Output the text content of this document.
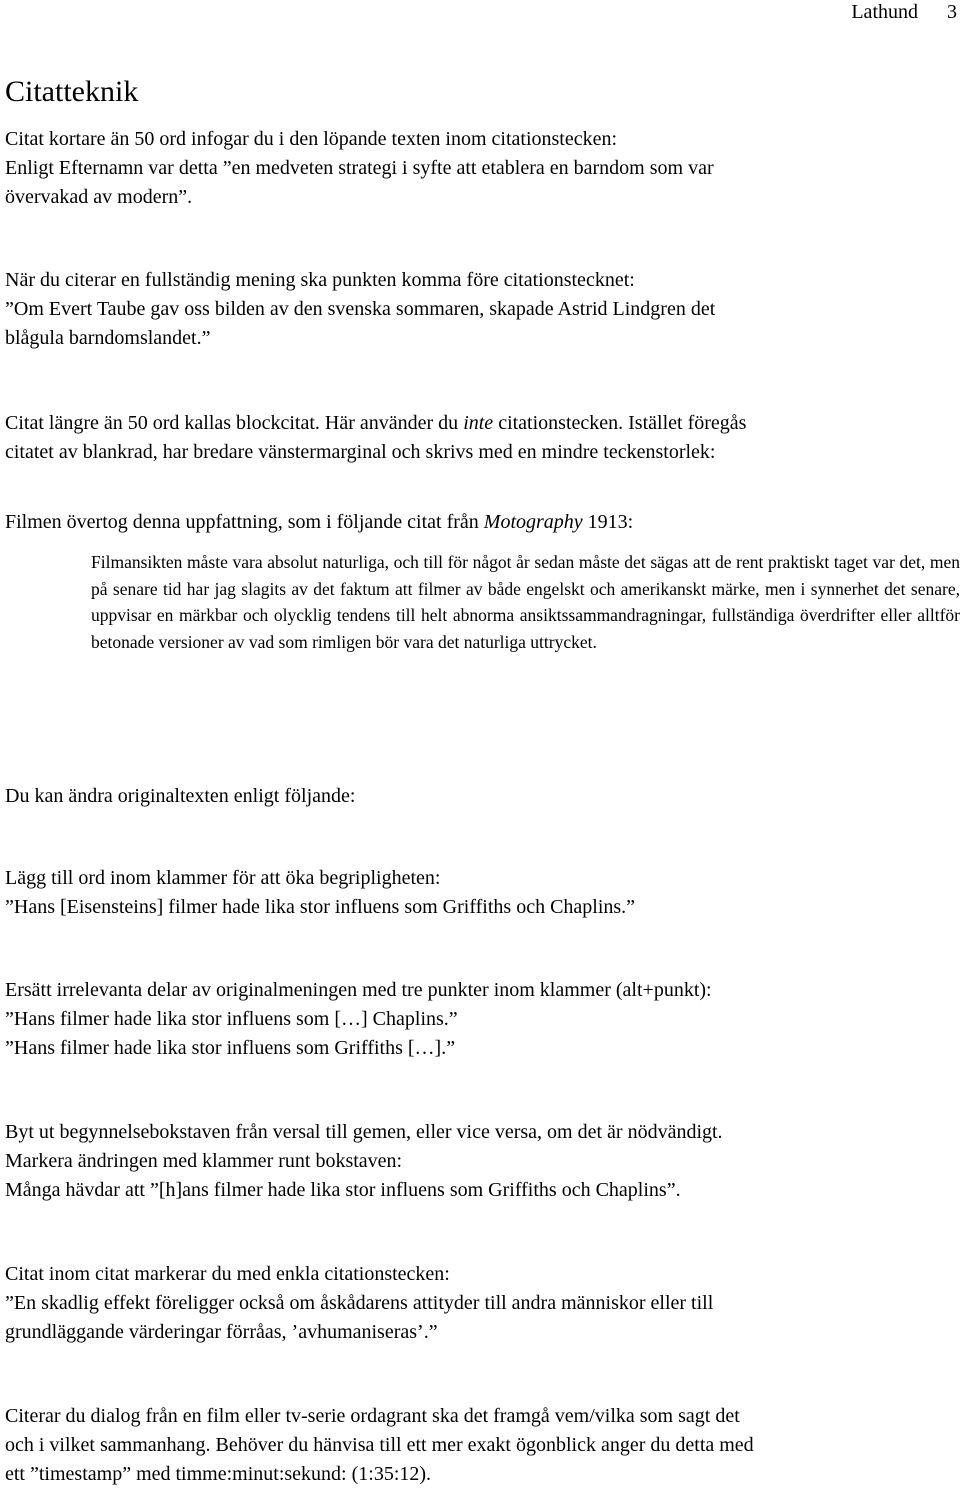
Lathund 3
Citatteknik
Citat kortare än 50 ord infogar du i den löpande texten inom citationstecken:
Enligt Efternamn var detta ”en medveten strategi i syfte att etablera en barndom som var
övervakad av modern”.
När du citerar en fullständig mening ska punkten komma före citationstecknet:
”Om Evert Taube gav oss bilden av den svenska sommaren, skapade Astrid Lindgren det
blågula barndomslandet.”
Citat längre än 50 ord kallas blockcitat. Här använder du inte citationstecken. Istället föregås
citatet av blankrad, har bredare vänstermarginal och skrivs med en mindre teckenstorlek:
Filmen övertog denna uppfattning, som i följande citat från Motography 1913:

Filmansikten måste vara absolut naturliga, och till för något år sedan måste det sägas att de rent praktiskt taget var det, men på senare tid har jag slagits av det faktum att filmer av både engelskt och amerikanskt märke, men i synnerhet det senare, uppvisar en märkbar och olycklig tendens till helt abnorma ansiktssammandragningar, fullständiga överdrifter eller alltför betonade versioner av vad som rimligen bör vara det naturliga uttrycket.

Du kan ändra originaltexten enligt följande:
Lägg till ord inom klammer för att öka begripligheten:
”Hans [Eisensteins] filmer hade lika stor influens som Griffiths och Chaplins.”
Ersätt irrelevanta delar av originalmeningen med tre punkter inom klammer (alt+punkt):
”Hans filmer hade lika stor influens som […] Chaplins.”
”Hans filmer hade lika stor influens som Griffiths […].”
Byt ut begynnelsebokstaven från versal till gemen, eller vice versa, om det är nödvändigt.
Markera ändringen med klammer runt bokstaven:
Många hävdar att ”[h]ans filmer hade lika stor influens som Griffiths och Chaplins”.
Citat inom citat markerar du med enkla citationstecken:
”En skadlig effekt föreligger också om åskådarens attityder till andra människor eller till
grundläggande värderingar förråas, ’avhumaniseras’.”
Citerar du dialog från en film eller tv-serie ordagrant ska det framgå vem/vilka som sagt det
och i vilket sammanhang. Behöver du hänvisa till ett mer exakt ögonblick anger du detta med
ett ”timestamp” med timme:minut:sekund: (1:35:12).
